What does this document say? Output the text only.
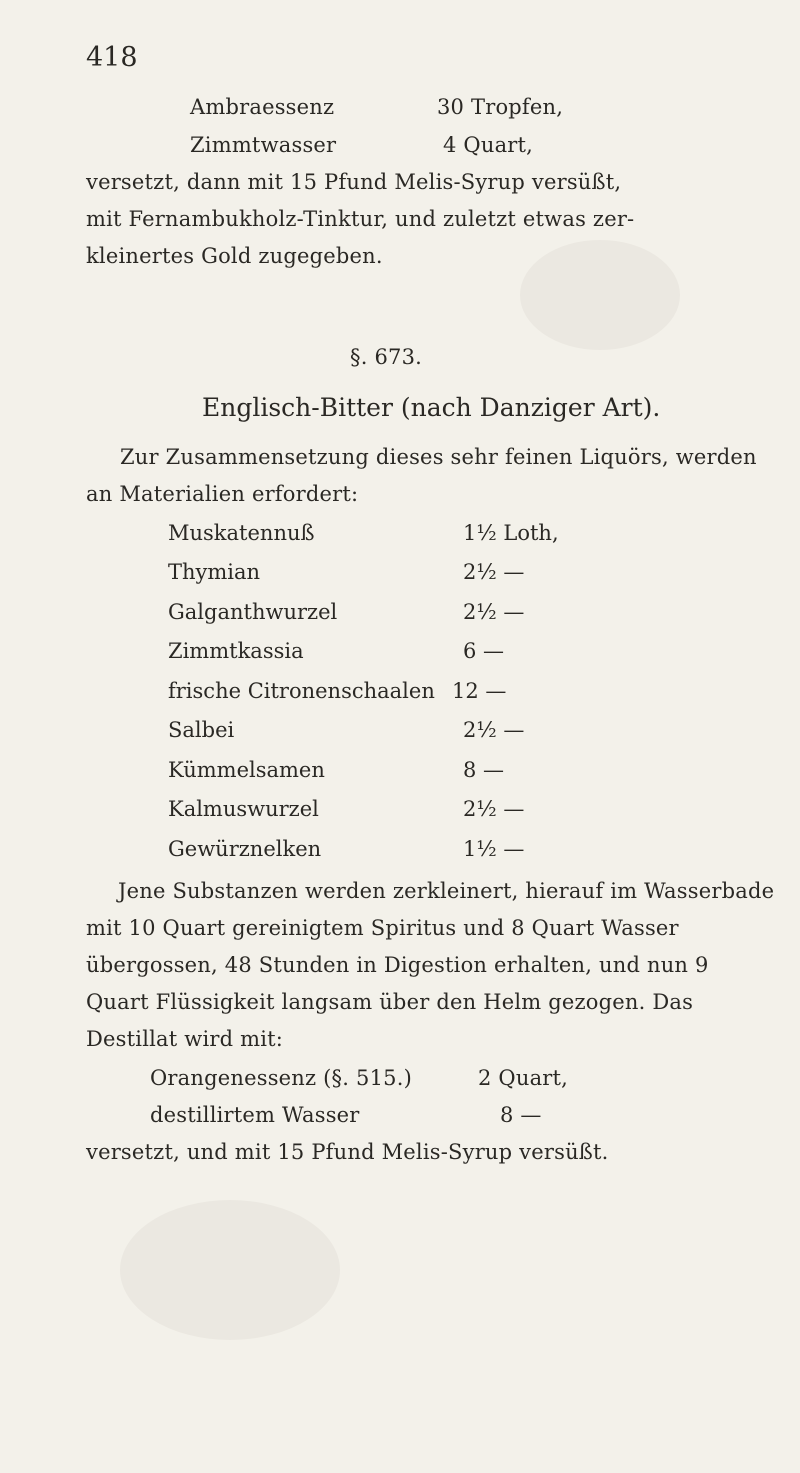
418
Ambraessenz	30 Tropfen,
Zimmtwasser	4 Quart,
versetzt, dann mit 15 Pfund Melis-Syrup versüßt,
mit Fernambukholz-Tinktur, und zuletzt etwas zer-
kleinertes Gold zugegeben.
§. 673.
Englisch-Bitter (nach Danziger Art).
Zur Zusammensetzung dieses sehr feinen Liquörs, werden
an Materialien erfordert:
Muskatennuß	1½ Loth,
Thymian	2½ —
Galganthwurzel	2½ —
Zimmtkassia	6 —
frische Citronenschaalen 12 —
Salbei	2½ —
Kümmelsamen	8 —
Kalmuswurzel	2½ —
Gewürznelken	1½ —
Jene Substanzen werden zerkleinert, hierauf im Wasserbade
mit 10 Quart gereinigtem Spiritus und 8 Quart Wasser
übergossen, 48 Stunden in Digestion erhalten, und nun 9
Quart Flüssigkeit langsam über den Helm gezogen. Das
Destillat wird mit:
Orangenessenz (§. 515.)	2 Quart,
destillirtem Wasser	8 —
versetzt, und mit 15 Pfund Melis-Syrup versüßt.
